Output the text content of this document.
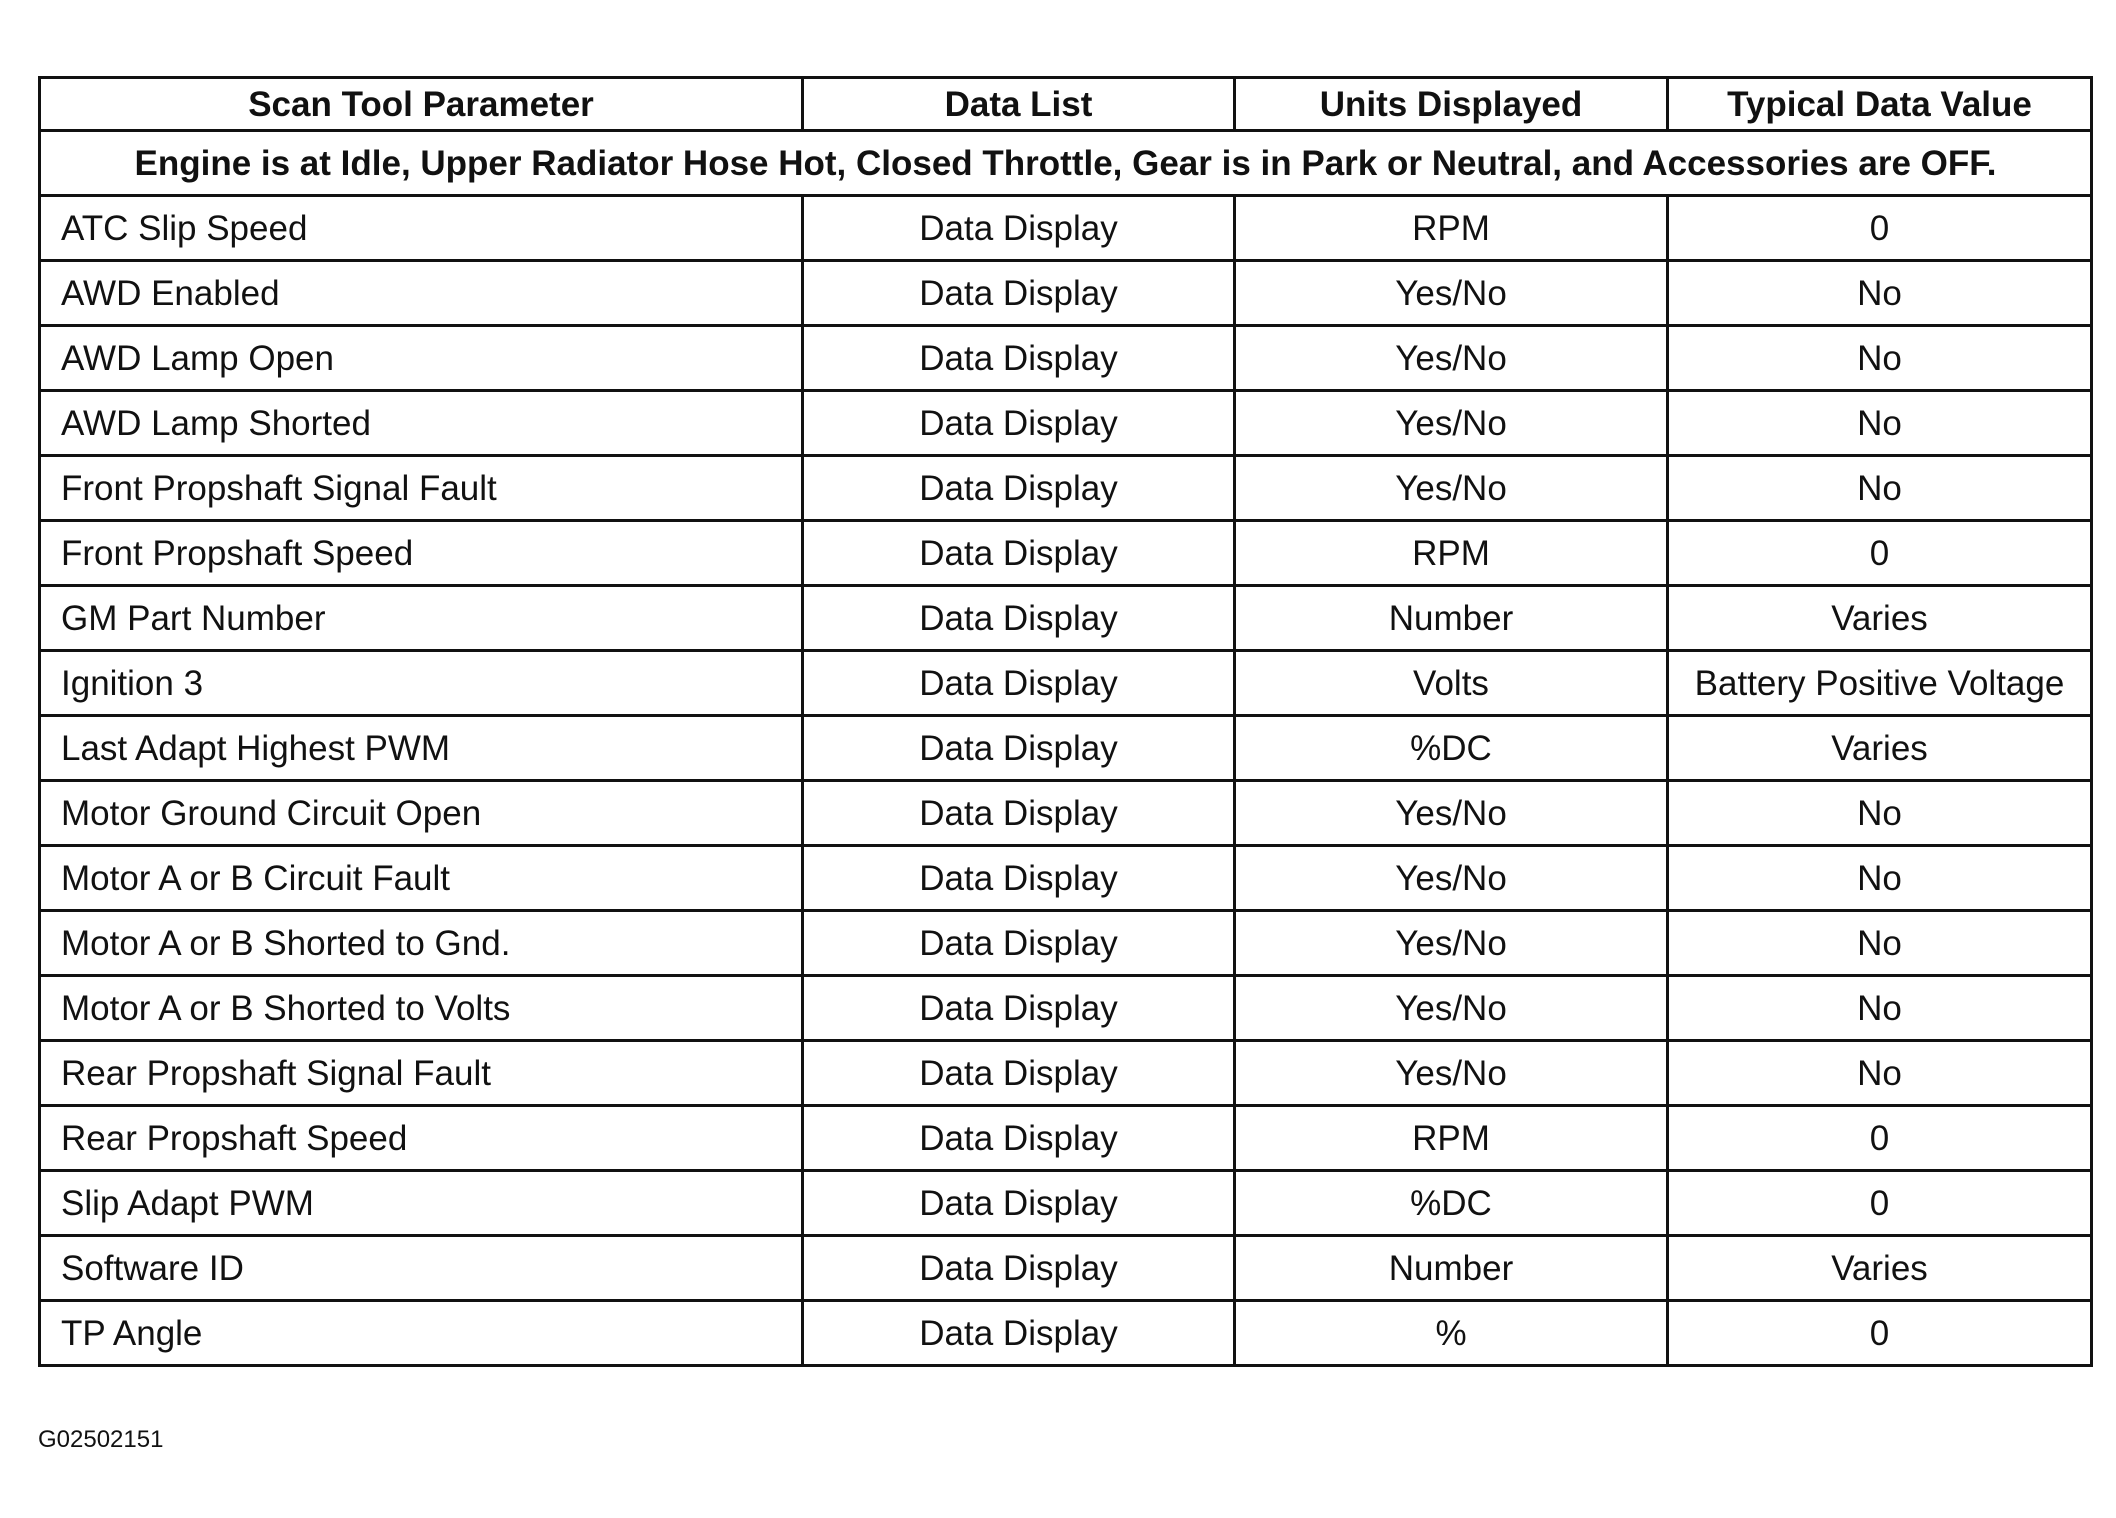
Scan Tool Parameter	Data List	Units Displayed	Typical Data Value
Engine is at Idle, Upper Radiator Hose Hot, Closed Throttle, Gear is in Park or Neutral, and Accessories are OFF.			
ATC Slip Speed	Data Display	RPM	0
AWD Enabled	Data Display	Yes/No	No
AWD Lamp Open	Data Display	Yes/No	No
AWD Lamp Shorted	Data Display	Yes/No	No
Front Propshaft Signal Fault	Data Display	Yes/No	No
Front Propshaft Speed	Data Display	RPM	0
GM Part Number	Data Display	Number	Varies
Ignition 3	Data Display	Volts	Battery Positive Voltage
Last Adapt Highest PWM	Data Display	%DC	Varies
Motor Ground Circuit Open	Data Display	Yes/No	No
Motor A or B Circuit Fault	Data Display	Yes/No	No
Motor A or B Shorted to Gnd.	Data Display	Yes/No	No
Motor A or B Shorted to Volts	Data Display	Yes/No	No
Rear Propshaft Signal Fault	Data Display	Yes/No	No
Rear Propshaft Speed	Data Display	RPM	0
Slip Adapt PWM	Data Display	%DC	0
Software ID	Data Display	Number	Varies
TP Angle	Data Display	%	0
G02502151
